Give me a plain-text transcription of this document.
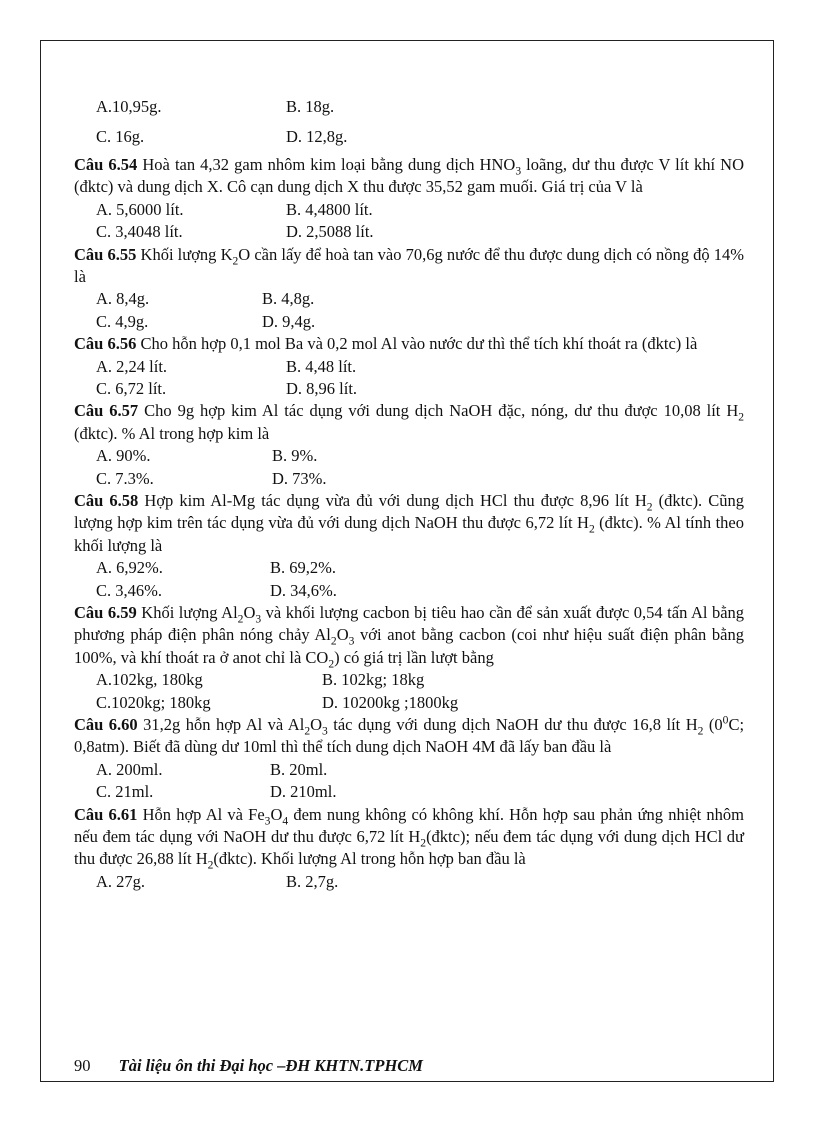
A.10,95g.	B. 18g.
C. 16g.	D. 12,8g.
Câu 6.54 Hoà tan 4,32 gam nhôm kim loại bằng dung dịch $HNO_3$ loãng, dư thu được V lít khí NO (đktc) và dung dịch X. Cô cạn dung dịch X thu được 35,52 gam muối. Giá trị của V là
A. 5,6000 lít.	B. 4,4800 lít.
C. 3,4048 lít.	D. 2,5088 lít.
Câu 6.55 Khối lượng $K_2O$ cần lấy để hoà tan vào 70,6g nước để thu được dung dịch có nồng độ 14% là
A. 8,4g.	B. 4,8g.
C. 4,9g.	D. 9,4g.
Câu 6.56 Cho hỗn hợp 0,1 mol Ba và 0,2 mol Al vào nước dư thì thể tích khí thoát ra (đktc) là
A. 2,24 lít.	B. 4,48 lít.
C. 6,72 lít.	D. 8,96 lít.
Câu 6.57 Cho 9g hợp kim Al tác dụng với dung dịch NaOH đặc, nóng, dư thu được 10,08 lít $H_2$ (đktc). % Al trong hợp kim là
A. 90%.	B. 9%.
C. 7.3%.	D. 73%.
Câu 6.58 Hợp kim Al-Mg tác dụng vừa đủ với dung dịch HCl thu được 8,96 lít $H_2$ (đktc). Cũng lượng hợp kim trên tác dụng vừa đủ với dung dịch NaOH thu được 6,72 lít $H_2$ (đktc). % Al tính theo khối lượng là
A. 6,92%.	B. 69,2%.
C. 3,46%.	D. 34,6%.
Câu 6.59 Khối lượng $Al_2O_3$ và khối lượng cacbon bị tiêu hao cần để sản xuất được 0,54 tấn Al bằng phương pháp điện phân nóng chảy $Al_2O_3$ với anot bằng cacbon (coi như hiệu suất điện phân bằng 100%, và khí thoát ra ở anot chỉ là $CO_2$) có giá trị lần lượt bằng
A.102kg, 180kg	B. 102kg; 18kg
C.1020kg; 180kg	D. 10200kg ;1800kg
Câu 6.60 31,2g hỗn hợp Al và $Al_2O_3$ tác dụng với dung dịch NaOH dư thu được 16,8 lít $H_2$ ($0^0C$; 0,8atm). Biết đã dùng dư 10ml thì thể tích dung dịch NaOH 4M đã lấy ban đầu là
A. 200ml.	B. 20ml.
C. 21ml.	D. 210ml.
Câu 6.61 Hỗn hợp Al và $Fe_3O_4$ đem nung không có không khí. Hỗn hợp sau phản ứng nhiệt nhôm nếu đem tác dụng với NaOH dư thu được 6,72 lít $H_2(đktc)$; nếu đem tác dụng với dung dịch HCl dư thu được 26,88 lít $H_2(đktc)$. Khối lượng Al trong hỗn hợp ban đầu là
A. 27g.	B. 2,7g.
90 Tài liệu ôn thi Đại học –ĐH KHTN.TPHCM
